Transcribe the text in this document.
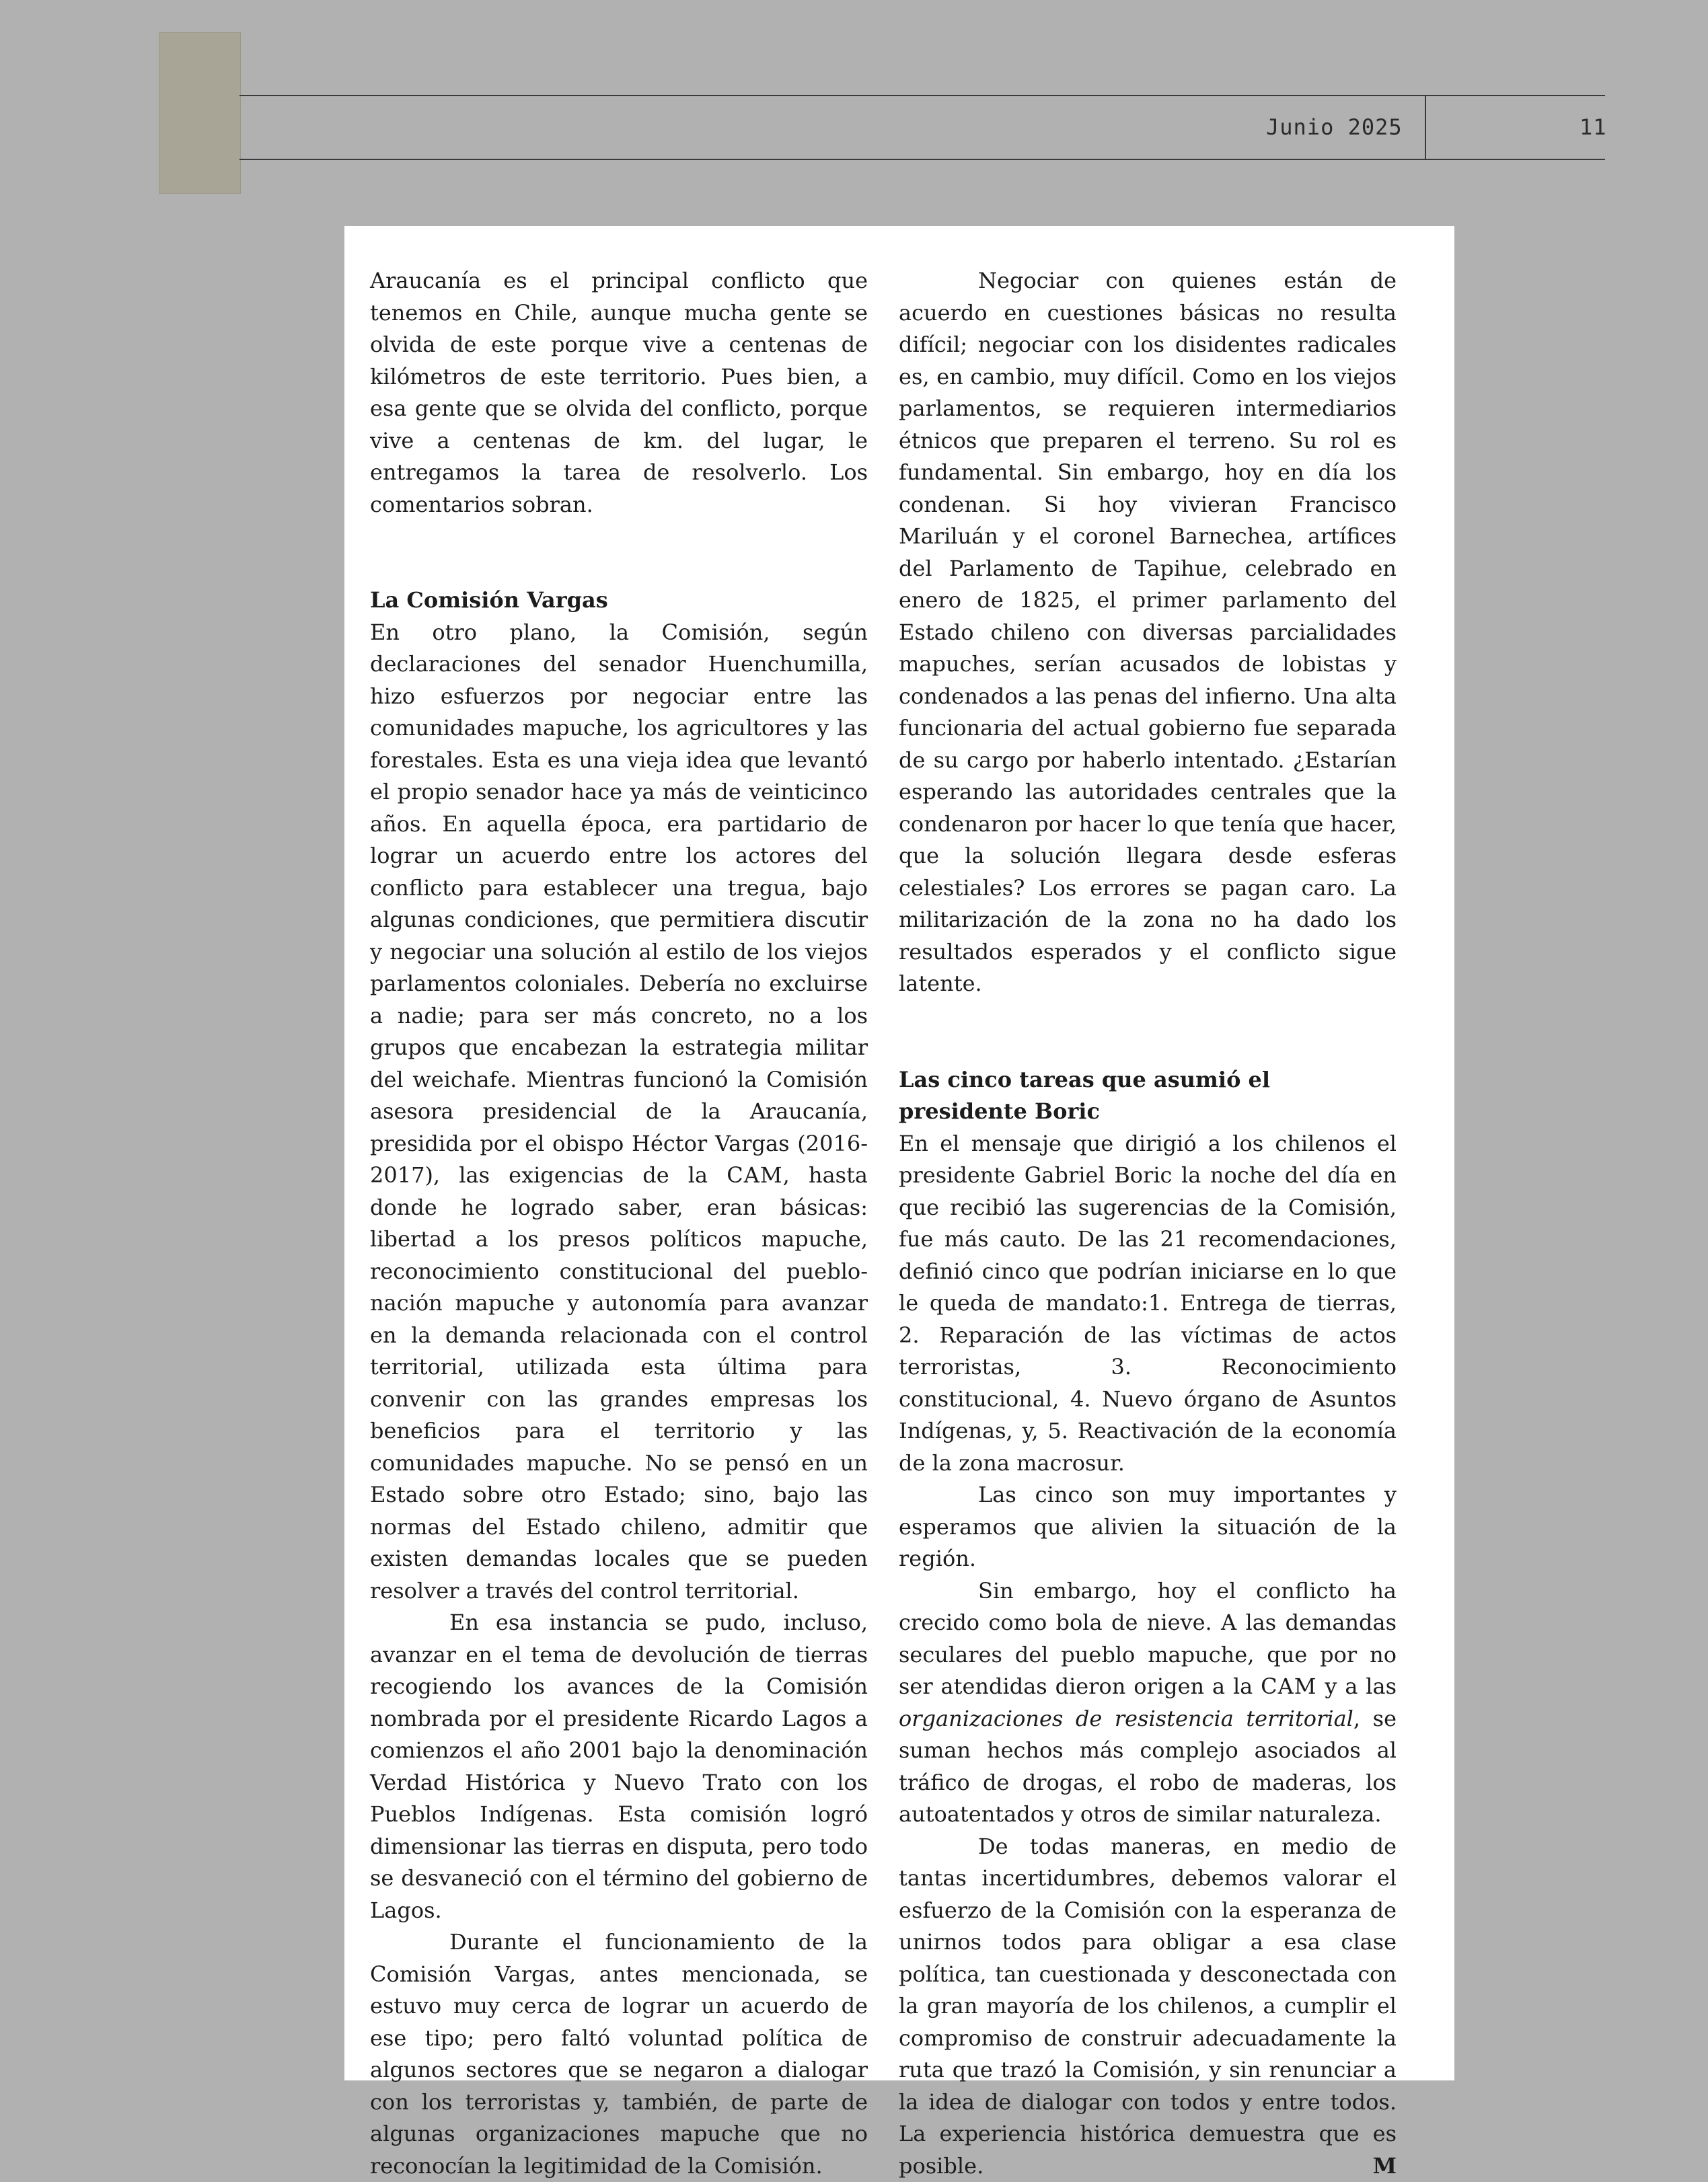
Junio 2025	11

Araucanía es el principal conflicto que tenemos en Chile, aunque mucha gente se olvida de este porque vive a centenas de kilómetros de este territorio. Pues bien, a esa gente que se olvida del conflicto, porque vive a centenas de km. del lugar, le entregamos la tarea de resolverlo. Los comentarios sobran.

La Comisión Vargas

En otro plano, la Comisión, según declaraciones del senador Huenchumilla, hizo esfuerzos por negociar entre las comunidades mapuche, los agricultores y las forestales. Esta es una vieja idea que levantó el propio senador hace ya más de veinticinco años. En aquella época, era partidario de lograr un acuerdo entre los actores del conflicto para establecer una tregua, bajo algunas condiciones, que permitiera discutir y negociar una solución al estilo de los viejos parlamentos coloniales. Debería no excluirse a nadie; para ser más concreto, no a los grupos que encabezan la estrategia militar del weichafe. Mientras funcionó la Comisión asesora presidencial de la Araucanía, presidida por el obispo Héctor Vargas (2016-2017), las exigencias de la CAM, hasta donde he logrado saber, eran básicas: libertad a los presos políticos mapuche, reconocimiento constitucional del pueblo-nación mapuche y autonomía para avanzar en la demanda relacionada con el control territorial, utilizada esta última para convenir con las grandes empresas los beneficios para el territorio y las comunidades mapuche. No se pensó en un Estado sobre otro Estado; sino, bajo las normas del Estado chileno, admitir que existen demandas locales que se pueden resolver a través del control territorial.

En esa instancia se pudo, incluso, avanzar en el tema de devolución de tierras recogiendo los avances de la Comisión nombrada por el presidente Ricardo Lagos a comienzos el año 2001 bajo la denominación Verdad Histórica y Nuevo Trato con los Pueblos Indígenas. Esta comisión logró dimensionar las tierras en disputa, pero todo se desvaneció con el término del gobierno de Lagos.

Durante el funcionamiento de la Comisión Vargas, antes mencionada, se estuvo muy cerca de lograr un acuerdo de ese tipo; pero faltó voluntad política de algunos sectores que se negaron a dialogar con los terroristas y, también, de parte de algunas organizaciones mapuche que no reconocían la legitimidad de la Comisión.

Negociar con quienes están de acuerdo en cuestiones básicas no resulta difícil; negociar con los disidentes radicales es, en cambio, muy difícil. Como en los viejos parlamentos, se requieren intermediarios étnicos que preparen el terreno. Su rol es fundamental. Sin embargo, hoy en día los condenan. Si hoy vivieran Francisco Mariluán y el coronel Barnechea, artífices del Parlamento de Tapihue, celebrado en enero de 1825, el primer parlamento del Estado chileno con diversas parcialidades mapuches, serían acusados de lobistas y condenados a las penas del infierno. Una alta funcionaria del actual gobierno fue separada de su cargo por haberlo intentado. ¿Estarían esperando las autoridades centrales que la condenaron por hacer lo que tenía que hacer, que la solución llegara desde esferas celestiales? Los errores se pagan caro. La militarización de la zona no ha dado los resultados esperados y el conflicto sigue latente.

Las cinco tareas que asumió el presidente Boric

En el mensaje que dirigió a los chilenos el presidente Gabriel Boric la noche del día en que recibió las sugerencias de la Comisión, fue más cauto. De las 21 recomendaciones, definió cinco que podrían iniciarse en lo que le queda de mandato:1. Entrega de tierras, 2. Reparación de las víctimas de actos terroristas, 3. Reconocimiento constitucional, 4. Nuevo órgano de Asuntos Indígenas, y, 5. Reactivación de la economía de la zona macrosur.

Las cinco son muy importantes y esperamos que alivien la situación de la región.

Sin embargo, hoy el conflicto ha crecido como bola de nieve. A las demandas seculares del pueblo mapuche, que por no ser atendidas dieron origen a la CAM y a las organizaciones de resistencia territorial, se suman hechos más complejo asociados al tráfico de drogas, el robo de maderas, los autoatentados y otros de similar naturaleza.

De todas maneras, en medio de tantas incertidumbres, debemos valorar el esfuerzo de la Comisión con la esperanza de unirnos todos para obligar a esa clase política, tan cuestionada y desconectada con la gran mayoría de los chilenos, a cumplir el compromiso de construir adecuadamente la ruta que trazó la Comisión, y sin renunciar a la idea de dialogar con todos y entre todos. La experiencia histórica demuestra que es posible.	M
